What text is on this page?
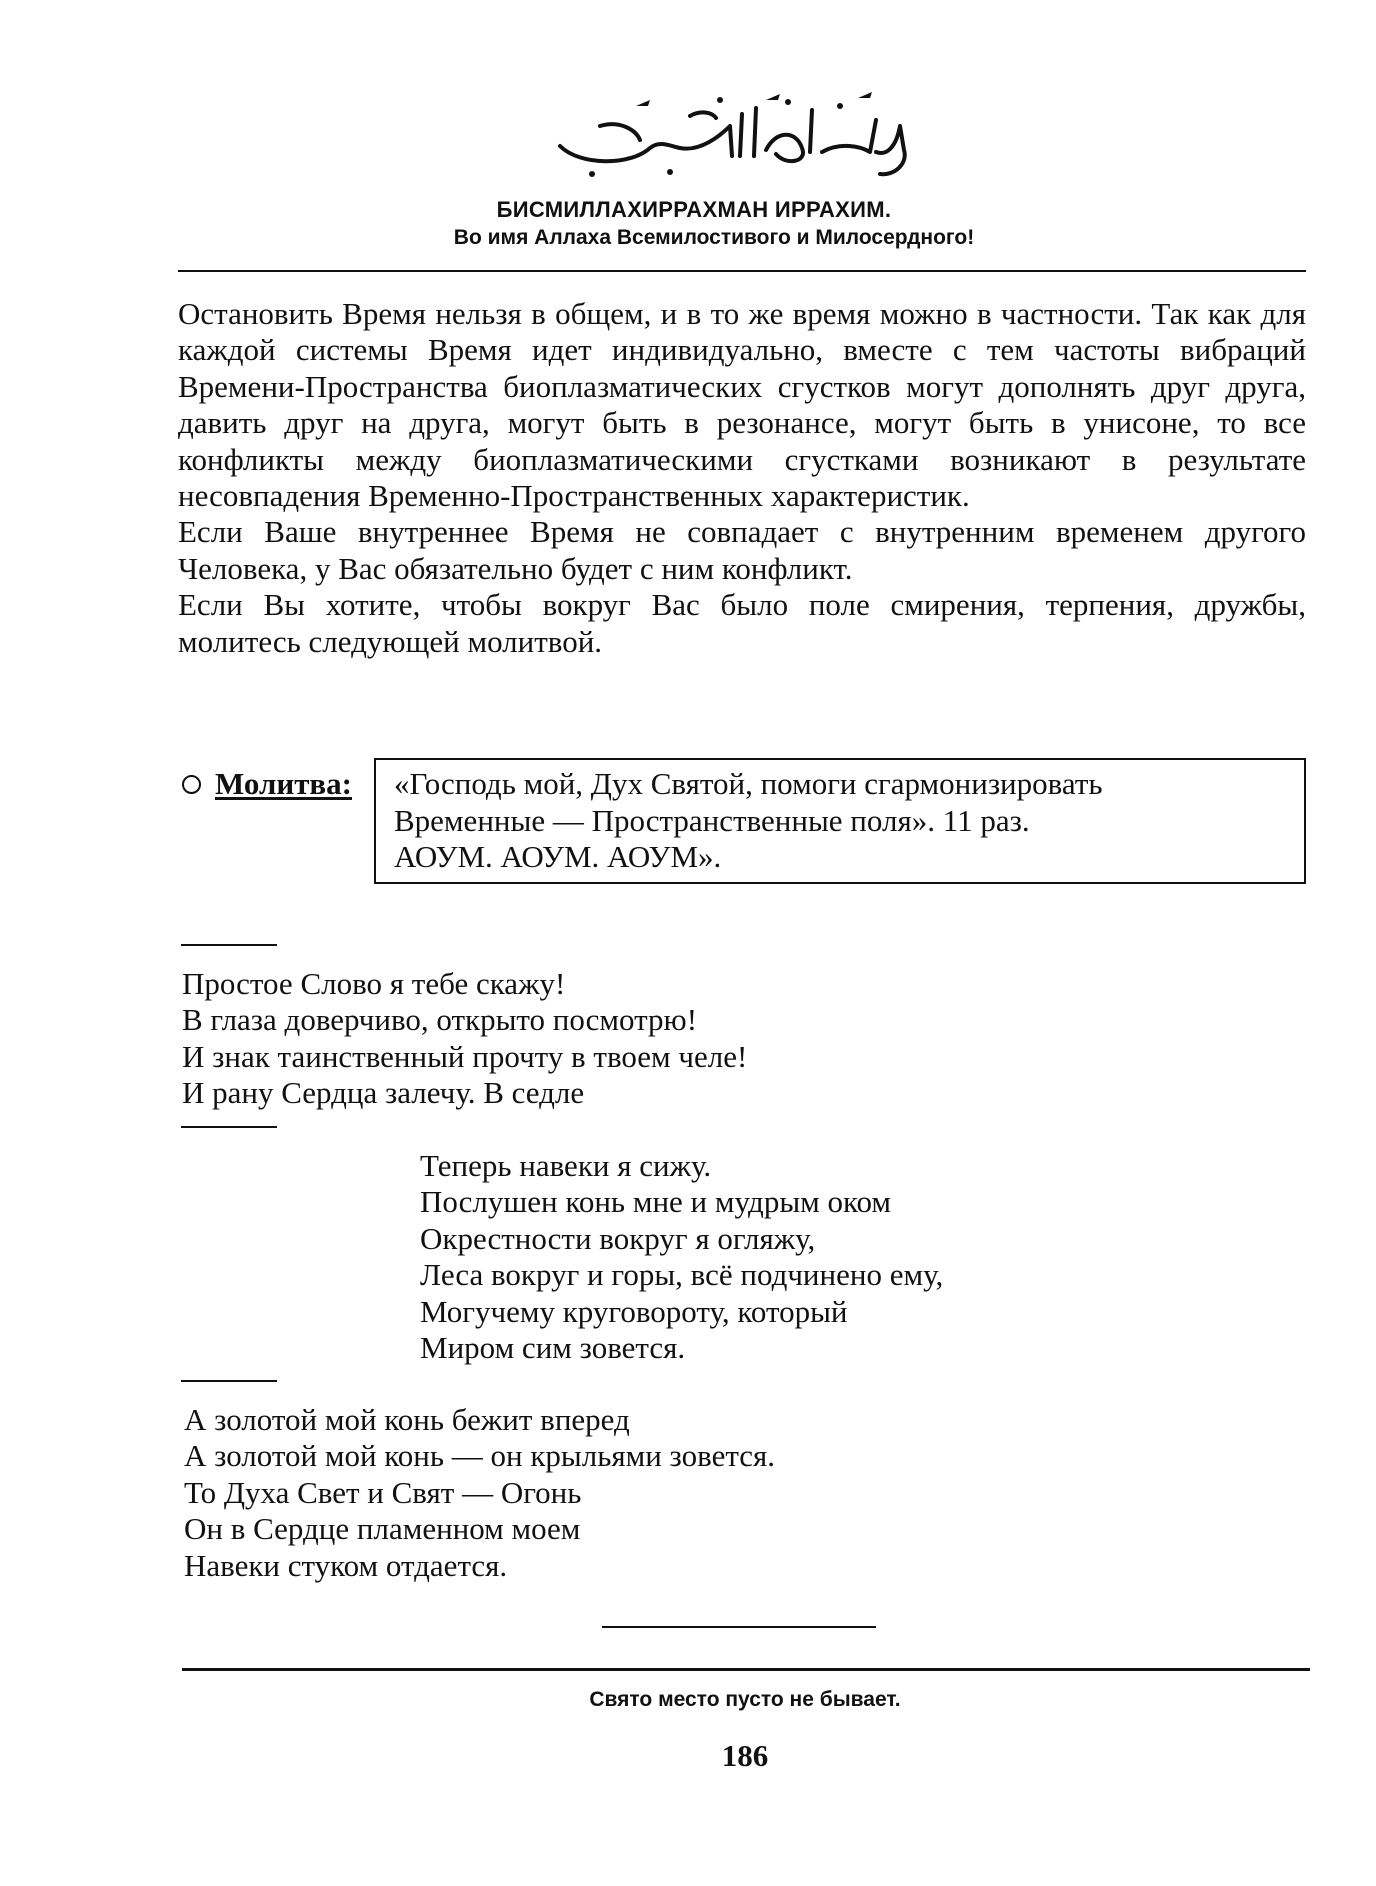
БИСМИЛЛАХИРРАХМАН ИРРАХИМ.
Во имя Аллаха Всемилостивого и Милосердного!

Остановить Время нельзя в общем, и в то же время можно в частности. Так как для каждой системы Время идет индивидуально, вместе с тем частоты вибраций Времени-Пространства биоплазматических сгустков могут дополнять друг друга, давить друг на друга, могут быть в резонансе, могут быть в унисоне, то все конфликты между биоплазматическими сгустками возникают в результате несовпадения Временно-Пространственных характеристик.

Если Ваше внутреннее Время не совпадает с внутренним временем другого Человека, у Вас обязательно будет с ним конфликт.

Если Вы хотите, чтобы вокруг Вас было поле смирения, терпения, дружбы, молитесь следующей молитвой.

Молитва: «Господь мой, Дух Святой, помоги сгармонизировать
Временные — Пространственные поля». 11 раз.
АОУМ. АОУМ. АОУМ».
Простое Слово я тебе скажу!
В глаза доверчиво, открыто посмотрю!
И знак таинственный прочту в твоем челе!
И рану Сердца залечу. В седле
Теперь навеки я сижу.
Послушен конь мне и мудрым оком
Окрестности вокруг я огляжу,
Леса вокруг и горы, всё подчинено ему,
Могучему круговороту, который
Миром сим зовется.
А золотой мой конь бежит вперед
А золотой мой конь — он крыльями зовется.
То Духа Свет и Свят — Огонь
Он в Сердце пламенном моем
Навеки стуком отдается.
Свято место пусто не бывает.
186
